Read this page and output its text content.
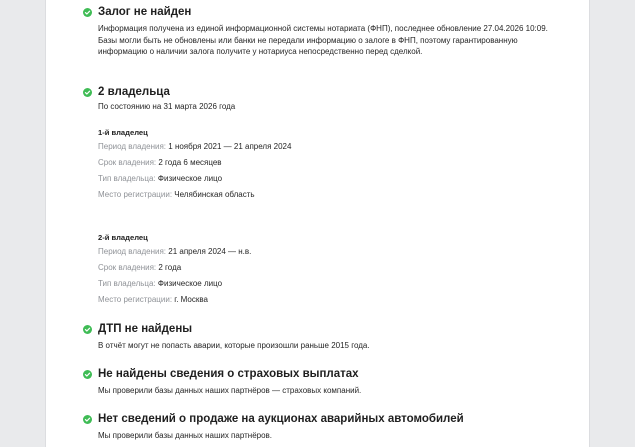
Залог не найден
Информация получена из единой информационной системы нотариата (ФНП), последнее обновление 27.04.2026 10:09. Базы могли быть не обновлены или банки не передали информацию о залоге в ФНП, поэтому гарантированную информацию о наличии залога получите у нотариуса непосредственно перед сделкой.
2 владельца
По состоянию на 31 марта 2026 года
1-й владелец
Период владения: 1 ноября 2021 — 21 апреля 2024
Срок владения: 2 года 6 месяцев
Тип владельца: Физическое лицо
Место регистрации: Челябинская область
2-й владелец
Период владения: 21 апреля 2024 — н.в.
Срок владения: 2 года
Тип владельца: Физическое лицо
Место регистрации: г. Москва
ДТП не найдены
В отчёт могут не попасть аварии, которые произошли раньше 2015 года.
Не найдены сведения о страховых выплатах
Мы проверили базы данных наших партнёров — страховых компаний.
Нет сведений о продаже на аукционах аварийных автомобилей
Мы проверили базы данных наших партнёров.
